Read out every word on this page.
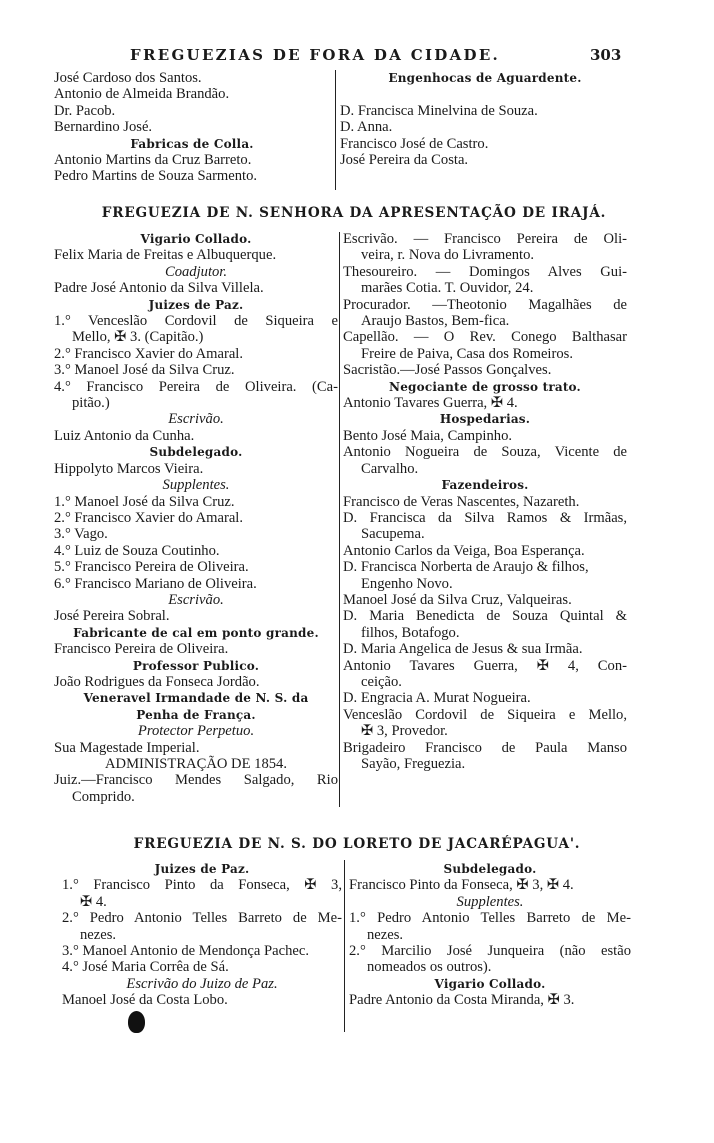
FREGUEZIAS DE FORA DA CIDADE.	303
José Cardoso dos Santos.
Antonio de Almeida Brandão.
Dr. Pacob.
Bernardino José.
Fabricas de Colla.
Antonio Martins da Cruz Barreto.
Pedro Martins de Souza Sarmento.
Engenhocas de Aguardente.
D. Francisca Minelvina de Souza.
D. Anna.
Francisco José de Castro.
José Pereira da Costa.
FREGUEZIA DE N. SENHORA DA APRESENTAÇÃO DE IRAJÁ.
Vigario Collado.
Felix Maria de Freitas e Albuquerque.
Coadjutor.
Padre José Antonio da Silva Villela.
Juizes de Paz.
1.° Venceslão Cordovil de Siqueira e
Mello, ✠ 3. (Capitão.)
2.° Francisco Xavier do Amaral.
3.° Manoel José da Silva Cruz.
4.° Francisco Pereira de Oliveira. (Ca-
pitão.)
Escrivão.
Luiz Antonio da Cunha.
Subdelegado.
Hippolyto Marcos Vieira.
Supplentes.
1.° Manoel José da Silva Cruz.
2.° Francisco Xavier do Amaral.
3.° Vago.
4.° Luiz de Souza Coutinho.
5.° Francisco Pereira de Oliveira.
6.° Francisco Mariano de Oliveira.
Escrivão.
José Pereira Sobral.
Fabricante de cal em ponto grande.
Francisco Pereira de Oliveira.
Professor Publico.
João Rodrigues da Fonseca Jordão.
Veneravel Irmandade de N. S. da
Penha de França.
Protector Perpetuo.
Sua Magestade Imperial.
ADMINISTRAÇÃO DE 1854.
Juiz.—Francisco Mendes Salgado, Rio
Comprido.
Escrivão. — Francisco Pereira de Oli-
veira, r. Nova do Livramento.
Thesoureiro. — Domingos Alves Gui-
marães Cotia. T. Ouvidor, 24.
Procurador. —Theotonio Magalhães de
Araujo Bastos, Bem-fica.
Capellão. — O Rev. Conego Balthasar
Freire de Paiva, Casa dos Romeiros.
Sacristão.—José Passos Gonçalves.
Negociante de grosso trato.
Antonio Tavares Guerra, ✠ 4.
Hospedarias.
Bento José Maia, Campinho.
Antonio Nogueira de Souza, Vicente de
Carvalho.
Fazendeiros.
Francisco de Veras Nascentes, Nazareth.
D. Francisca da Silva Ramos & Irmãas,
Sacupema.
Antonio Carlos da Veiga, Boa Esperança.
D. Francisca Norberta de Araujo & filhos,
Engenho Novo.
Manoel José da Silva Cruz, Valqueiras.
D. Maria Benedicta de Souza Quintal &
filhos, Botafogo.
D. Maria Angelica de Jesus & sua Irmãa.
Antonio Tavares Guerra, ✠ 4, Con-
ceição.
D. Engracia A. Murat Nogueira.
Venceslão Cordovil de Siqueira e Mello,
✠ 3, Provedor.
Brigadeiro Francisco de Paula Manso
Sayão, Freguezia.
FREGUEZIA DE N. S. DO LORETO DE JACARÉPAGUA'.
Juizes de Paz.
1.° Francisco Pinto da Fonseca, ✠ 3,
✠ 4.
2.° Pedro Antonio Telles Barreto de Me-
nezes.
3.° Manoel Antonio de Mendonça Pachec.
4.° José Maria Corrêa de Sá.
Escrivão do Juizo de Paz.
Manoel José da Costa Lobo.
Subdelegado.
Francisco Pinto da Fonseca, ✠ 3, ✠ 4.
Supplentes.
1.° Pedro Antonio Telles Barreto de Me-
nezes.
2.° Marcilio José Junqueira (não estão
nomeados os outros).
Vigario Collado.
Padre Antonio da Costa Miranda, ✠ 3.
